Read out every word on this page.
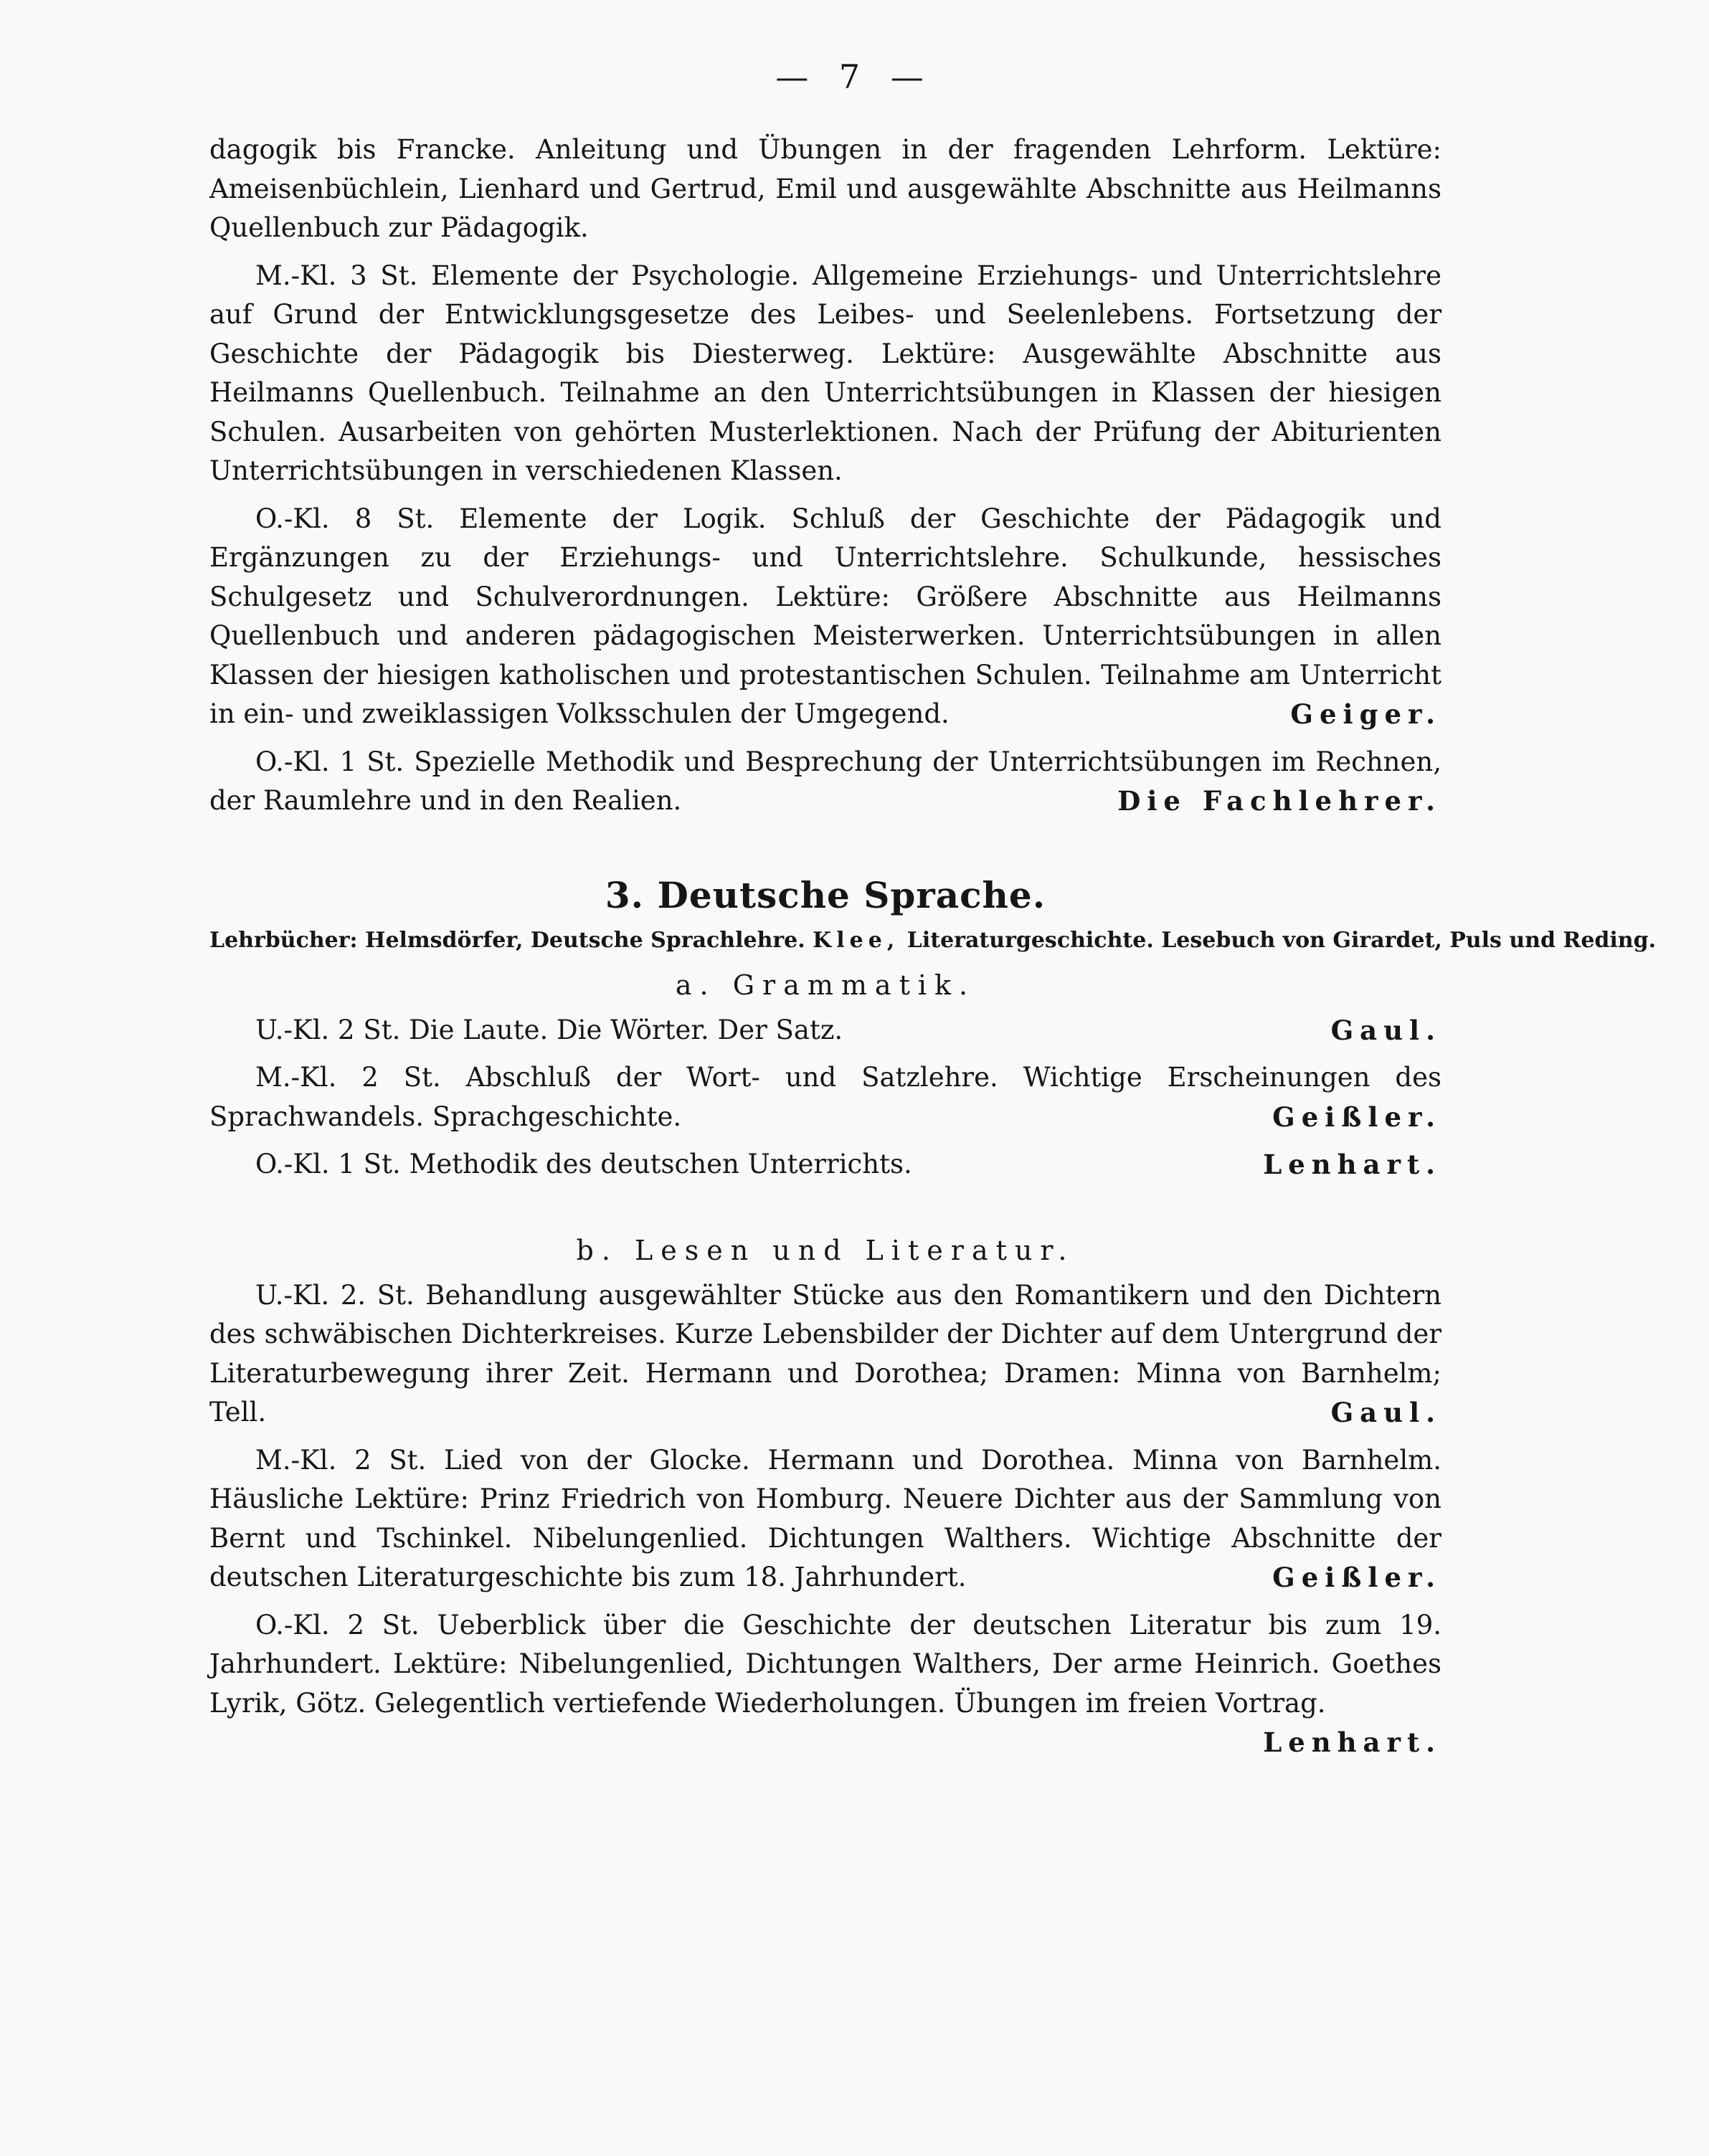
— 7 —

dagogik bis Francke. Anleitung und Übungen in der fragenden Lehrform. Lektüre: Ameisenbüchlein, Lienhard und Gertrud, Emil und ausgewählte Abschnitte aus Heilmanns Quellenbuch zur Pädagogik.

M.-Kl. 3 St. Elemente der Psychologie. Allgemeine Erziehungs- und Unterrichtslehre auf Grund der Entwicklungsgesetze des Leibes- und Seelenlebens. Fortsetzung der Geschichte der Pädagogik bis Diesterweg. Lektüre: Ausgewählte Abschnitte aus Heilmanns Quellenbuch. Teilnahme an den Unterrichtsübungen in Klassen der hiesigen Schulen. Ausarbeiten von gehörten Musterlektionen. Nach der Prüfung der Abiturienten Unterrichtsübungen in verschiedenen Klassen.

O.-Kl. 8 St. Elemente der Logik. Schluß der Geschichte der Pädagogik und Ergänzungen zu der Erziehungs- und Unterrichtslehre. Schulkunde, hessisches Schulgesetz und Schulverordnungen. Lektüre: Größere Abschnitte aus Heilmanns Quellenbuch und anderen pädagogischen Meisterwerken. Unterrichtsübungen in allen Klassen der hiesigen katholischen und protestantischen Schulen. Teilnahme am Unterricht in ein- und zweiklassigen Volksschulen der Umgegend.	Geiger.

O.-Kl. 1 St. Spezielle Methodik und Besprechung der Unterrichtsübungen im Rechnen, der Raumlehre und in den Realien.	Die Fachlehrer.

3. Deutsche Sprache.
Lehrbücher: Helmsdörfer, Deutsche Sprachlehre. Klee, Literaturgeschichte. Lesebuch von Girardet, Puls und Reding.
a. Grammatik.

U.-Kl. 2 St. Die Laute. Die Wörter. Der Satz.	Gaul.

M.-Kl. 2 St. Abschluß der Wort- und Satzlehre. Wichtige Erscheinungen des Sprachwandels. Sprachgeschichte.	Geißler.

O.-Kl. 1 St. Methodik des deutschen Unterrichts.	Lenhart.

b. Lesen und Literatur.

U.-Kl. 2. St. Behandlung ausgewählter Stücke aus den Romantikern und den Dichtern des schwäbischen Dichterkreises. Kurze Lebensbilder der Dichter auf dem Untergrund der Literaturbewegung ihrer Zeit. Hermann und Dorothea; Dramen: Minna von Barnhelm; Tell.	Gaul.

M.-Kl. 2 St. Lied von der Glocke. Hermann und Dorothea. Minna von Barnhelm. Häusliche Lektüre: Prinz Friedrich von Homburg. Neuere Dichter aus der Sammlung von Bernt und Tschinkel. Nibelungenlied. Dichtungen Walthers. Wichtige Abschnitte der deutschen Literaturgeschichte bis zum 18. Jahrhundert.	Geißler.

O.-Kl. 2 St. Ueberblick über die Geschichte der deutschen Literatur bis zum 19. Jahrhundert. Lektüre: Nibelungenlied, Dichtungen Walthers, Der arme Heinrich. Goethes Lyrik, Götz. Gelegentlich vertiefende Wiederholungen. Übungen im freien Vortrag.
Lenhart.
